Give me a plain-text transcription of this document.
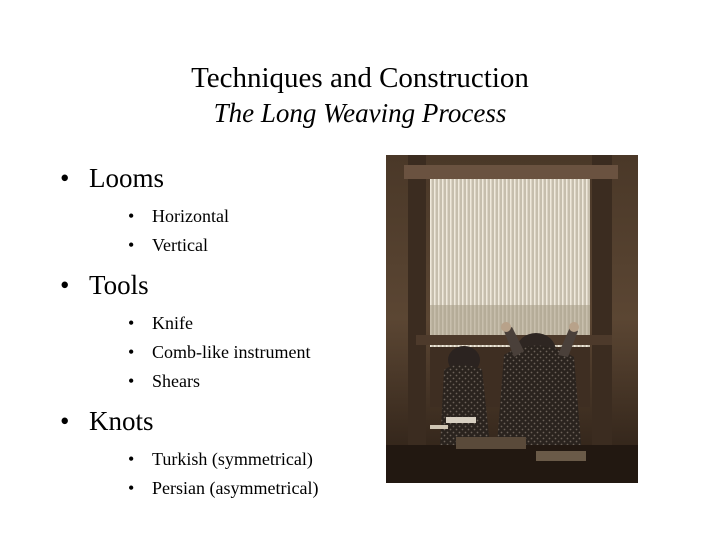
Techniques and Construction
The Long Weaving Process
• Looms
• Horizontal
• Vertical
• Tools
• Knife
• Comb-like instrument
• Shears
• Knots
• Turkish (symmetrical)
• Persian (asymmetrical)
